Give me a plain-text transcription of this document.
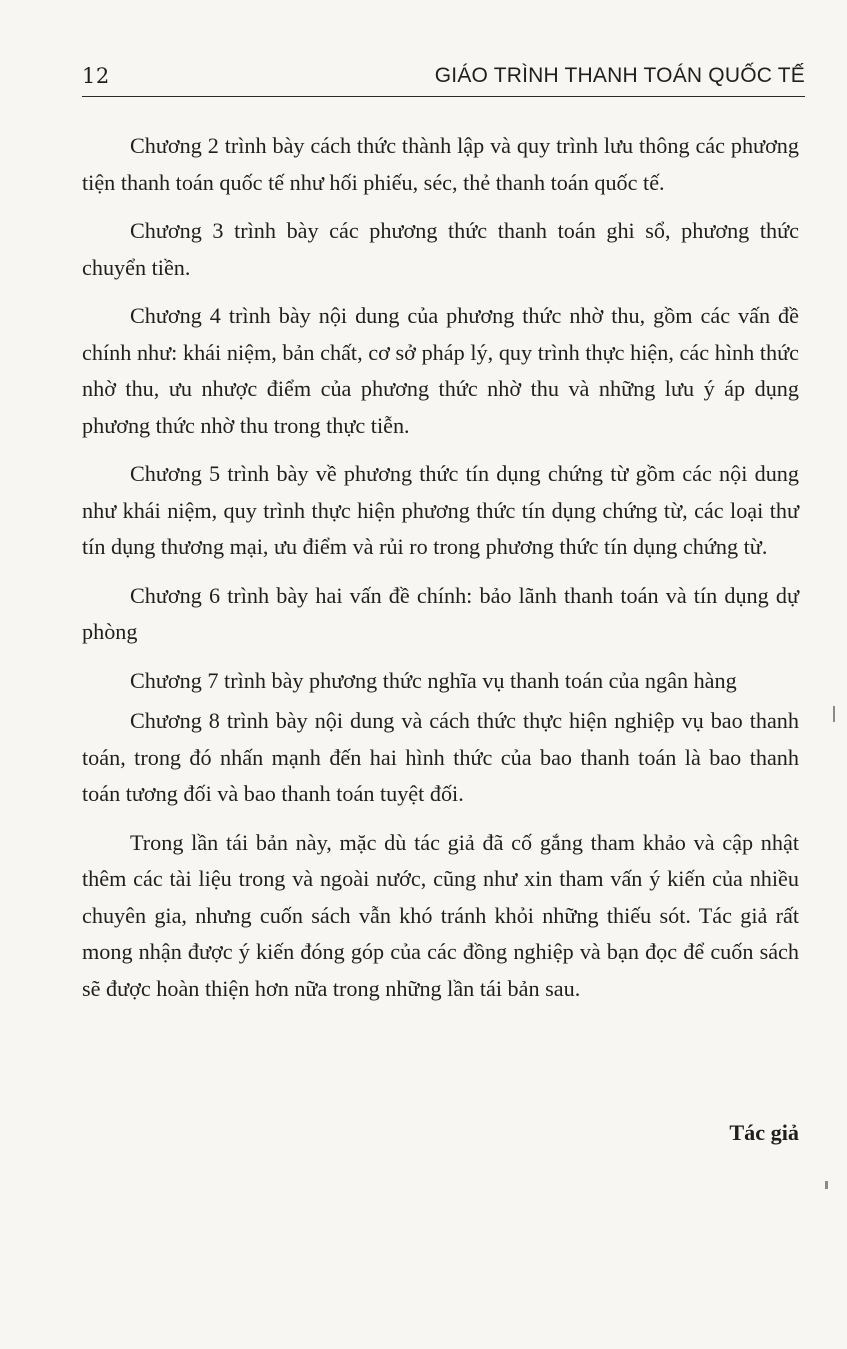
12	GIÁO TRÌNH THANH TOÁN QUỐC TẾ

Chương 2 trình bày cách thức thành lập và quy trình lưu thông các phương tiện thanh toán quốc tế như hối phiếu, séc, thẻ thanh toán quốc tế.

Chương 3 trình bày các phương thức thanh toán ghi sổ, phương thức chuyển tiền.

Chương 4 trình bày nội dung của phương thức nhờ thu, gồm các vấn đề chính như: khái niệm, bản chất, cơ sở pháp lý, quy trình thực hiện, các hình thức nhờ thu, ưu nhược điểm của phương thức nhờ thu và những lưu ý áp dụng phương thức nhờ thu trong thực tiễn.

Chương 5 trình bày về phương thức tín dụng chứng từ gồm các nội dung như khái niệm, quy trình thực hiện phương thức tín dụng chứng từ, các loại thư tín dụng thương mại, ưu điểm và rủi ro trong phương thức tín dụng chứng từ.

Chương 6 trình bày hai vấn đề chính: bảo lãnh thanh toán và tín dụng dự phòng

Chương 7 trình bày phương thức nghĩa vụ thanh toán của ngân hàng

Chương 8 trình bày nội dung và cách thức thực hiện nghiệp vụ bao thanh toán, trong đó nhấn mạnh đến hai hình thức của bao thanh toán là bao thanh toán tương đối và bao thanh toán tuyệt đối.

Trong lần tái bản này, mặc dù tác giả đã cố gắng tham khảo và cập nhật thêm các tài liệu trong và ngoài nước, cũng như xin tham vấn ý kiến của nhiều chuyên gia, nhưng cuốn sách vẫn khó tránh khỏi những thiếu sót. Tác giả rất mong nhận được ý kiến đóng góp của các đồng nghiệp và bạn đọc để cuốn sách sẽ được hoàn thiện hơn nữa trong những lần tái bản sau.

Tác giả
